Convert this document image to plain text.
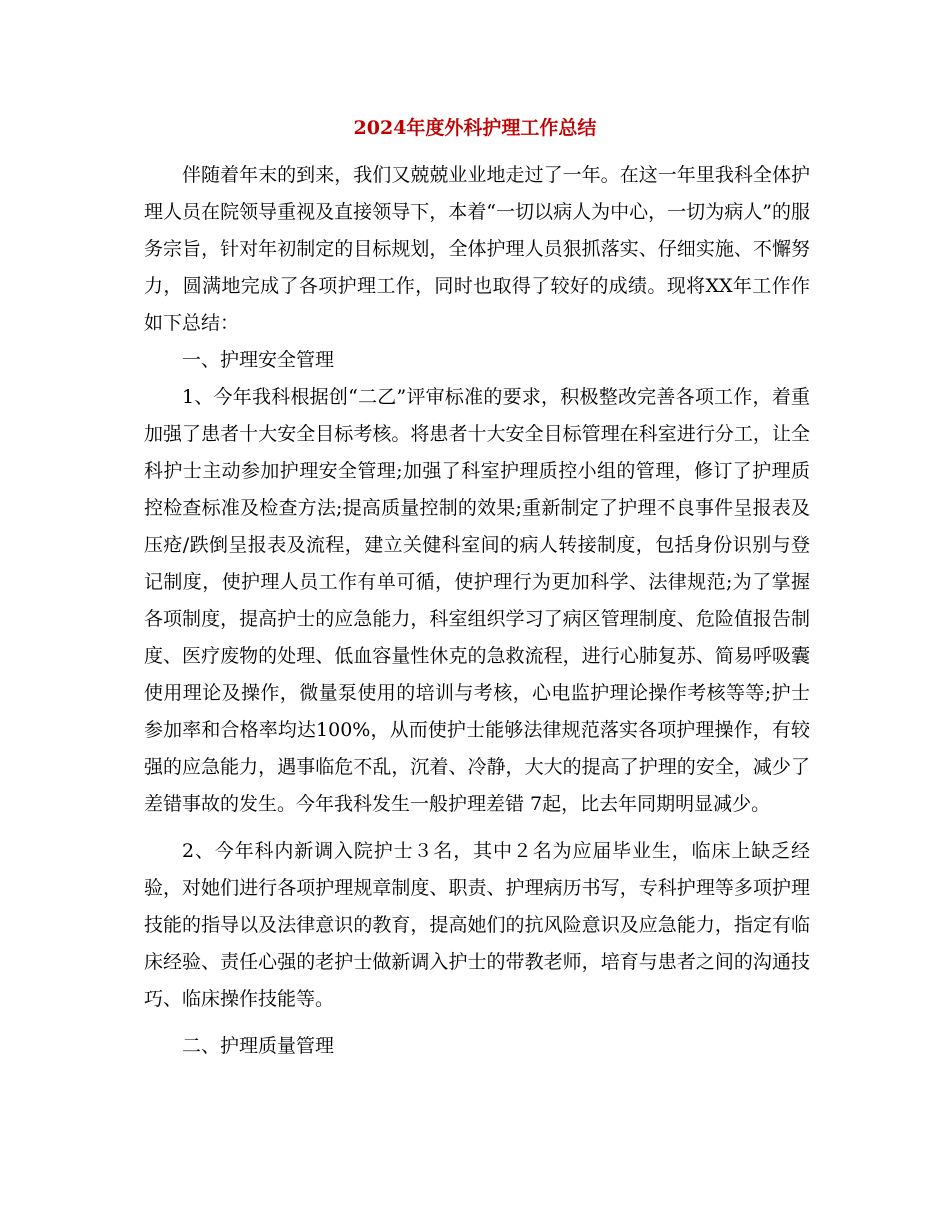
2024年度外科护理工作总结

伴随着年末的到来，我们又兢兢业业地走过了一年。在这一年里我科全体护理人员在院领导重视及直接领导下，本着“一切以病人为中心，一切为病人”的服务宗旨，针对年初制定的目标规划，全体护理人员狠抓落实、仔细实施、不懈努力，圆满地完成了各项护理工作，同时也取得了较好的成绩。现将XX年工作作如下总结：

一、护理安全管理

1、今年我科根据创“二乙”评审标准的要求，积极整改完善各项工作，着重加强了患者十大安全目标考核。将患者十大安全目标管理在科室进行分工，让全科护士主动参加护理安全管理;加强了科室护理质控小组的管理，修订了护理质控检查标准及检查方法;提高质量控制的效果;重新制定了护理不良事件呈报表及压疮/跌倒呈报表及流程，建立关健科室间的病人转接制度，包括身份识别与登记制度，使护理人员工作有单可循，使护理行为更加科学、法律规范;为了掌握各项制度，提高护士的应急能力，科室组织学习了病区管理制度、危险值报告制度、医疗废物的处理、低血容量性休克的急救流程，进行心肺复苏、简易呼吸囊使用理论及操作，微量泵使用的培训与考核，心电监护理论操作考核等等;护士参加率和合格率均达100%，从而使护士能够法律规范落实各项护理操作，有较强的应急能力，遇事临危不乱，沉着、冷静，大大的提高了护理的安全，减少了差错事故的发生。今年我科发生一般护理差错 7起，比去年同期明显减少。

2、今年科内新调入院护士３名，其中２名为应届毕业生，临床上缺乏经验，对她们进行各项护理规章制度、职责、护理病历书写，专科护理等多项护理技能的指导以及法律意识的教育，提高她们的抗风险意识及应急能力，指定有临床经验、责任心强的老护士做新调入护士的带教老师，培育与患者之间的沟通技巧、临床操作技能等。

二、护理质量管理
